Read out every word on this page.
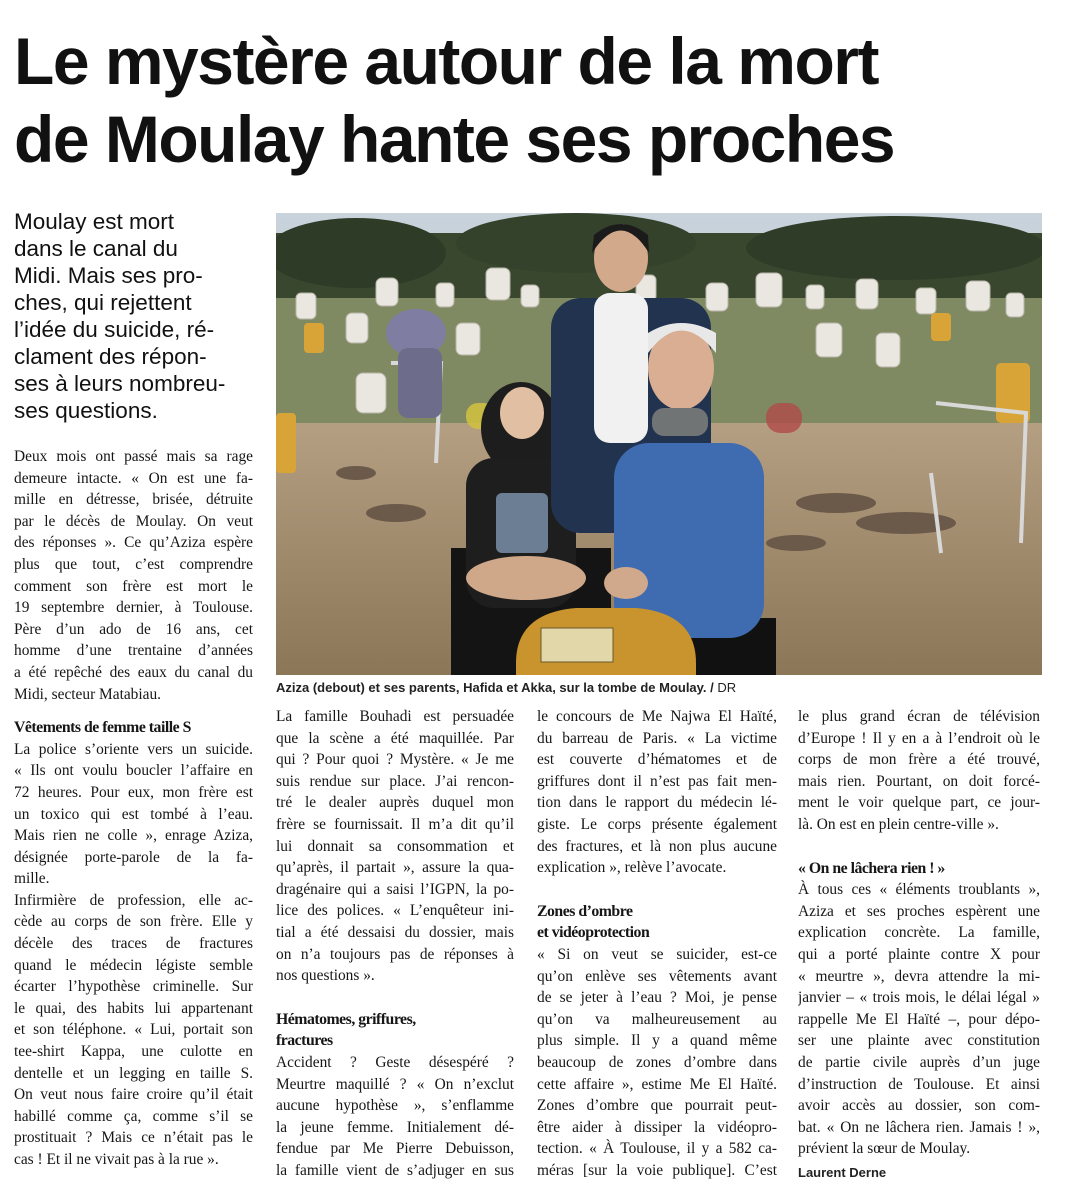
Le mystère autour de la mort
de Moulay hante ses proches

Moulay est mort
dans le canal du
Midi. Mais ses pro-
ches, qui rejettent
l’idée du suicide, ré-
clament des répon-
ses à leurs nombreu-
ses questions.

Aziza (debout) et ses parents, Hafida et Akka, sur la tombe de Moulay. / DR
Deux mois ont passé mais sa rage
demeure intacte. « On est une fa-
mille en détresse, brisée, détruite
par le décès de Moulay. On veut
des réponses ». Ce qu’Aziza espère
plus que tout, c’est comprendre
comment son frère est mort le
19 septembre dernier, à Toulouse.
Père d’un ado de 16 ans, cet
homme d’une trentaine d’années
a été repêché des eaux du canal du
Midi, secteur Matabiau.
Vêtements de femme taille S
La police s’oriente vers un suicide.
« Ils ont voulu boucler l’affaire en
72 heures. Pour eux, mon frère est
un toxico qui est tombé à l’eau.
Mais rien ne colle », enrage Aziza,
désignée porte-parole de la fa-
mille.
Infirmière de profession, elle ac-
cède au corps de son frère. Elle y
décèle des traces de fractures
quand le médecin légiste semble
écarter l’hypothèse criminelle. Sur
le quai, des habits lui appartenant
et son téléphone. « Lui, portait son
tee-shirt Kappa, une culotte en
dentelle et un legging en taille S.
On veut nous faire croire qu’il était
habillé comme ça, comme s’il se
prostituait ? Mais ce n’était pas le
cas ! Et il ne vivait pas à la rue ».
La famille Bouhadi est persuadée
que la scène a été maquillée. Par
qui ? Pour quoi ? Mystère. « Je me
suis rendue sur place. J’ai rencon-
tré le dealer auprès duquel mon
frère se fournissait. Il m’a dit qu’il
lui donnait sa consommation et
qu’après, il partait », assure la qua-
dragénaire qui a saisi l’IGPN, la po-
lice des polices. « L’enquêteur ini-
tial a été dessaisi du dossier, mais
on n’a toujours pas de réponses à
nos questions ».
Hématomes, griffures,
fractures
Accident ? Geste désespéré ?
Meurtre maquillé ? « On n’exclut
aucune hypothèse », s’enflamme
la jeune femme. Initialement dé-
fendue par Me Pierre Debuisson,
la famille vient de s’adjuger en sus
le concours de Me Najwa El Haïté,
du barreau de Paris. « La victime
est couverte d’hématomes et de
griffures dont il n’est pas fait men-
tion dans le rapport du médecin lé-
giste. Le corps présente également
des fractures, et là non plus aucune
explication », relève l’avocate.
Zones d’ombre
et vidéoprotection
« Si on veut se suicider, est-ce
qu’on enlève ses vêtements avant
de se jeter à l’eau ? Moi, je pense
qu’on va malheureusement au
plus simple. Il y a quand même
beaucoup de zones d’ombre dans
cette affaire », estime Me El Haïté.
Zones d’ombre que pourrait peut-
être aider à dissiper la vidéopro-
tection. « À Toulouse, il y a 582 ca-
méras [sur la voie publique]. C’est
le plus grand écran de télévision
d’Europe ! Il y en a à l’endroit où le
corps de mon frère a été trouvé,
mais rien. Pourtant, on doit forcé-
ment le voir quelque part, ce jour-
là. On est en plein centre-ville ».
« On ne lâchera rien ! »
À tous ces « éléments troublants »,
Aziza et ses proches espèrent une
explication concrète. La famille,
qui a porté plainte contre X pour
« meurtre », devra attendre la mi-
janvier – « trois mois, le délai légal »
rappelle Me El Haïté –, pour dépo-
ser une plainte avec constitution
de partie civile auprès d’un juge
d’instruction de Toulouse. Et ainsi
avoir accès au dossier, son com-
bat. « On ne lâchera rien. Jamais ! »,
prévient la sœur de Moulay.
Laurent Derne
